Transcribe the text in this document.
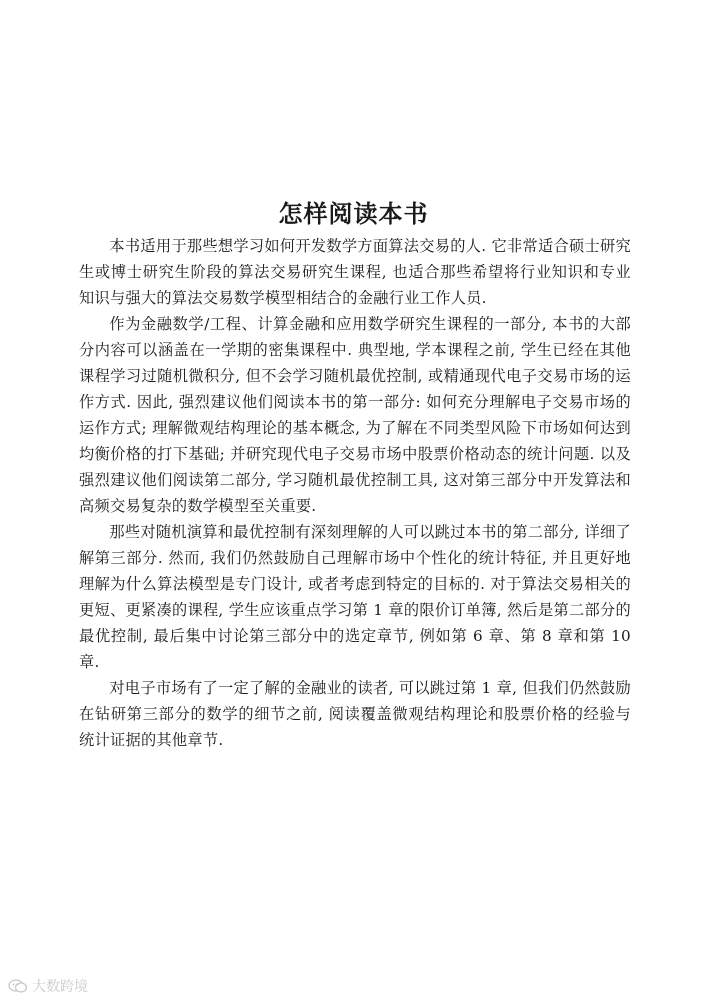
怎样阅读本书

本书适用于那些想学习如何开发数学方面算法交易的人. 它非常适合硕士研究生或博士研究生阶段的算法交易研究生课程, 也适合那些希望将行业知识和专业知识与强大的算法交易数学模型相结合的金融行业工作人员.

作为金融数学/工程、计算金融和应用数学研究生课程的一部分, 本书的大部分内容可以涵盖在一学期的密集课程中. 典型地, 学本课程之前, 学生已经在其他课程学习过随机微积分, 但不会学习随机最优控制, 或精通现代电子交易市场的运作方式. 因此, 强烈建议他们阅读本书的第一部分: 如何充分理解电子交易市场的运作方式; 理解微观结构理论的基本概念, 为了解在不同类型风险下市场如何达到均衡价格的打下基础; 并研究现代电子交易市场中股票价格动态的统计问题. 以及强烈建议他们阅读第二部分, 学习随机最优控制工具, 这对第三部分中开发算法和高频交易复杂的数学模型至关重要.

那些对随机演算和最优控制有深刻理解的人可以跳过本书的第二部分, 详细了解第三部分. 然而, 我们仍然鼓励自己理解市场中个性化的统计特征, 并且更好地理解为什么算法模型是专门设计, 或者考虑到特定的目标的. 对于算法交易相关的更短、更紧凑的课程, 学生应该重点学习第 1 章的限价订单簿, 然后是第二部分的最优控制, 最后集中讨论第三部分中的选定章节, 例如第 6 章、第 8 章和第 10 章.

对电子市场有了一定了解的金融业的读者, 可以跳过第 1 章, 但我们仍然鼓励在钻研第三部分的数学的细节之前, 阅读覆盖微观结构理论和股票价格的经验与统计证据的其他章节.

大数跨境
